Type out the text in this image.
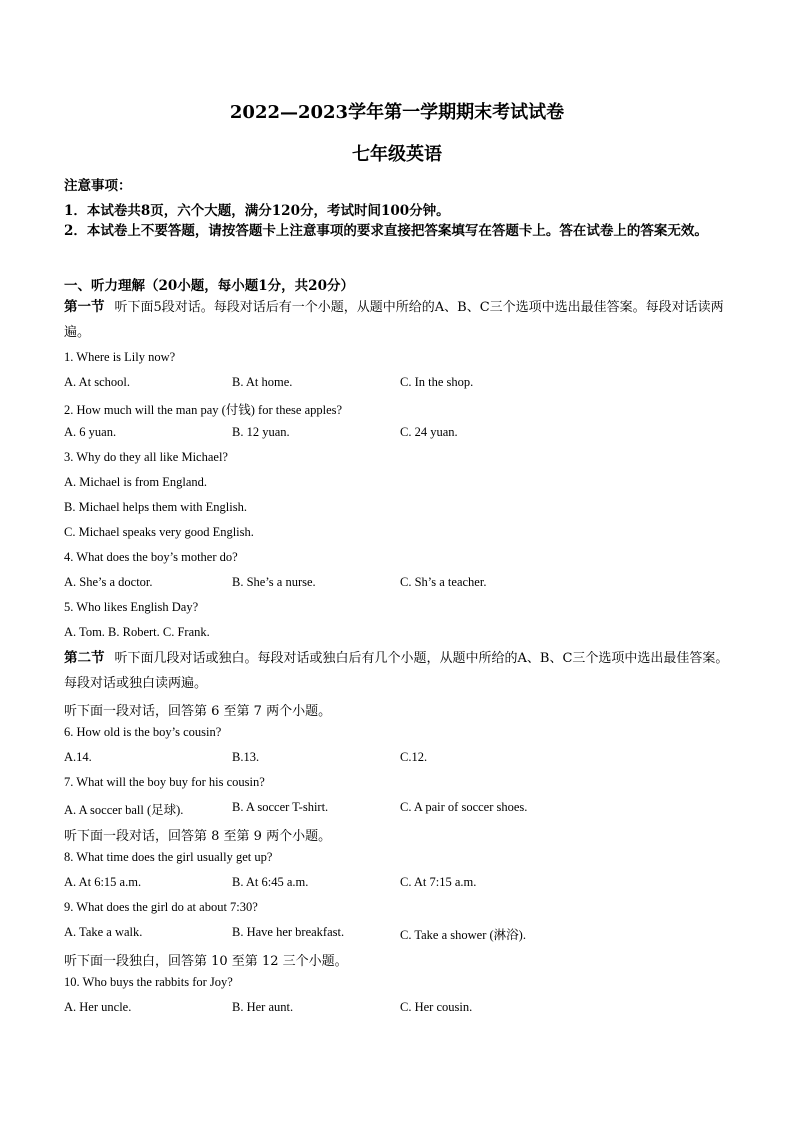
2022—2023学年第一学期期末考试试卷
七年级英语
注意事项：
1．本试卷共8页，六个大题，满分120分，考试时间100分钟。
2．本试卷上不要答题，请按答题卡上注意事项的要求直接把答案填写在答题卡上。答在试卷上的答案无效。
一、听力理解（20小题，每小题1分，共20分）
第一节 听下面5段对话。每段对话后有一个小题，从题中所给的A、B、C三个选项中选出最佳答案。每段对话读两遍。
1. Where is Lily now?
A. At school.	B. At home.	C. In the shop.
2. How much will the man pay (付钱) for these apples?
A. 6 yuan.	B. 12 yuan.	C. 24 yuan.
3. Why do they all like Michael?
A. Michael is from England.
B. Michael helps them with English.
C. Michael speaks very good English.
4. What does the boy’s mother do?
A. She’s a doctor.	B. She’s a nurse.	C. Sh’s a teacher.
5. Who likes English Day?
A. Tom. B. Robert. C. Frank.
第二节 听下面几段对话或独白。每段对话或独白后有几个小题，从题中所给的A、B、C三个选项中选出最佳答案。每段对话或独白读两遍。
听下面一段对话，回答第 6 至第 7 两个小题。
6. How old is the boy’s cousin?
A.14.	B.13.	C.12.
7. What will the boy buy for his cousin?
A. A soccer ball (足球).	B. A soccer T-shirt.	C. A pair of soccer shoes.
听下面一段对话，回答第 8 至第 9 两个小题。
8. What time does the girl usually get up?
A. At 6:15 a.m.	B. At 6:45 a.m.	C. At 7:15 a.m.
9. What does the girl do at about 7:30?
A. Take a walk.	B. Have her breakfast.	C. Take a shower (淋浴).
听下面一段独白，回答第 10 至第 12 三个小题。
10. Who buys the rabbits for Joy?
A. Her uncle.	B. Her aunt.	C. Her cousin.
